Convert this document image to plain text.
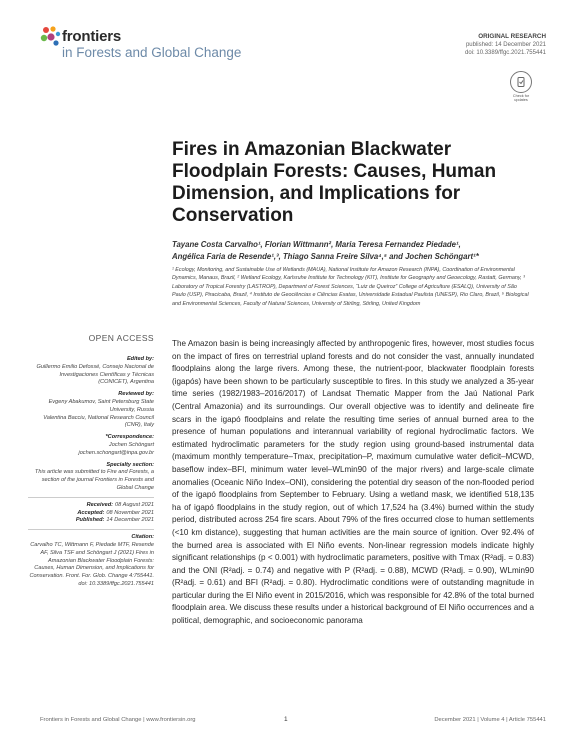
frontiers
in Forests and Global Change
ORIGINAL RESEARCH
published: 14 December 2021
doi: 10.3389/ffgc.2021.755441
Check for updates
Fires in Amazonian Blackwater Floodplain Forests: Causes, Human Dimension, and Implications for Conservation
Tayane Costa Carvalho¹, Florian Wittmann², Maria Teresa Fernandez Piedade¹,
Angélica Faria de Resende¹,³, Thiago Sanna Freire Silva⁴,⁵ and Jochen Schöngart¹*
¹ Ecology, Monitoring, and Sustainable Use of Wetlands (MAUA), National Institute for Amazon Research (INPA), Coordination of Environmental Dynamics, Manaus, Brazil, ² Wetland Ecology, Karlsruhe Institute for Technology (KIT), Institute for Geography and Geoecology, Rastatt, Germany, ³ Laboratory of Tropical Forestry (LASTROP), Department of Forest Sciences, “Luiz de Queiroz” College of Agriculture (ESALQ), University of São Paulo (USP), Piracicaba, Brazil, ⁴ Instituto de Geociências e Ciências Exatas, Universidade Estadual Paulista (UNESP), Rio Claro, Brazil, ⁵ Biological and Environmental Sciences, Faculty of Natural Sciences, University of Stirling, Stirling, United Kingdom
OPEN ACCESS
Edited by:
Guillermo Emilio Defossé, Consejo Nacional de Investigaciones Científicas y Técnicas (CONICET), Argentina
Reviewed by:
Evgeny Abakumov, Saint Petersburg State University, Russia
Valentina Bacciu, National Research Council (CNR), Italy
*Correspondence:
Jochen Schöngart
jochen.schongart@inpa.gov.br
Specialty section:
This article was submitted to Fire and Forests, a section of the journal Frontiers in Forests and Global Change
Received: 08 August 2021
Accepted: 08 November 2021
Published: 14 December 2021
Citation:
Carvalho TC, Wittmann F, Piedade MTF, Resende AF, Silva TSF and Schöngart J (2021) Fires in Amazonian Blackwater Floodplain Forests: Causes, Human Dimension, and Implications for Conservation. Front. For. Glob. Change 4:755441. doi: 10.3389/ffgc.2021.755441
The Amazon basin is being increasingly affected by anthropogenic fires, however, most studies focus on the impact of fires on terrestrial upland forests and do not consider the vast, annually inundated floodplains along the large rivers. Among these, the nutrient-poor, blackwater floodplain forests (igapós) have been shown to be particularly susceptible to fires. In this study we analyzed a 35-year time series (1982/1983–2016/2017) of Landsat Thematic Mapper from the Jaú National Park (Central Amazonia) and its surroundings. Our overall objective was to identify and delineate fire scars in the igapó floodplains and relate the resulting time series of annual burned area to the presence of human populations and interannual variability of regional hydroclimatic factors. We estimated hydroclimatic parameters for the study region using ground-based instrumental data (maximum monthly temperature–Tmax, precipitation–P, maximum cumulative water deficit–MCWD, baseflow index–BFI, minimum water level–WLmin90 of the major rivers) and large-scale climate anomalies (Oceanic Niño Index–ONI), considering the potential dry season of the non-flooded period of the igapó floodplains from September to February. Using a wetland mask, we identified 518,135 ha of igapó floodplains in the study region, out of which 17,524 ha (3.4%) burned within the study period, distributed across 254 fire scars. About 79% of the fires occurred close to human settlements (<10 km distance), suggesting that human activities are the main source of ignition. Over 92.4% of the burned area is associated with El Niño events. Non-linear regression models indicate highly significant relationships (p < 0.001) with hydroclimatic parameters, positive with Tmax (R²adj. = 0.83) and the ONI (R²adj. = 0.74) and negative with P (R²adj. = 0.88), MCWD (R²adj. = 0.90), WLmin90 (R²adj. = 0.61) and BFI (R²adj. = 0.80). Hydroclimatic conditions were of outstanding magnitude in particular during the El Niño event in 2015/2016, which was responsible for 42.8% of the total burned floodplain area. We discuss these results under a historical background of El Niño occurrences and a political, demographic, and socioeconomic panorama
Frontiers in Forests and Global Change | www.frontiersin.org	1	December 2021 | Volume 4 | Article 755441
